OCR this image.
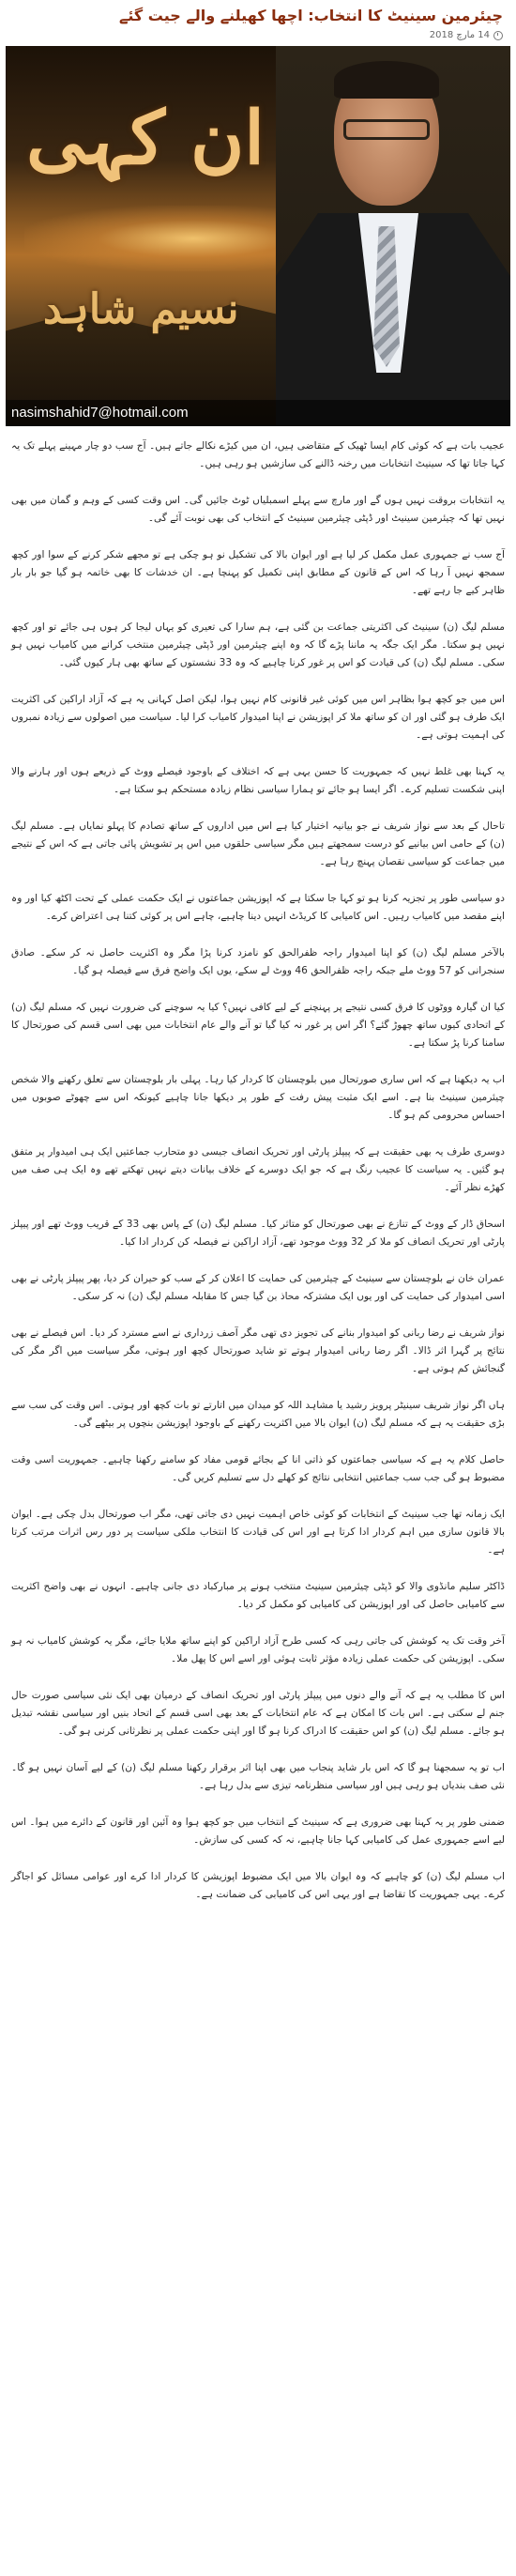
چیئرمین سینیٹ کا انتخاب: اچھا کھیلنے والے جیت گئے
14 مارچ 2018
ان کہی
نسیم شاہد
nasimshahid7@hotmail.com

عجیب بات ہے کہ کوئی کام ایسا ٹھیک کے متقاضی ہیں، ان میں کیڑے نکالے جاتے ہیں۔ آج سب دو چار مہینے پہلے تک یہ کہا جاتا تھا کہ سینیٹ انتخابات میں رخنہ ڈالنے کی سازشیں ہو رہی ہیں۔

یہ انتخابات بروقت نہیں ہوں گے اور مارچ سے پہلے اسمبلیاں ٹوٹ جائیں گی۔ اس وقت کسی کے وہم و گمان میں بھی نہیں تھا کہ چیئرمین سینیٹ اور ڈپٹی چیئرمین سینیٹ کے انتخاب کی بھی نوبت آئے گی۔

آج سب نے جمہوری عمل مکمل کر لیا ہے اور ایوان بالا کی تشکیل نو ہو چکی ہے تو مجھے شکر کرنے کے سوا اور کچھ سمجھ نہیں آ رہا کہ اس کے قانون کے مطابق اپنی تکمیل کو پہنچا ہے۔ ان خدشات کا بھی خاتمہ ہو گیا جو بار بار ظاہر کیے جا رہے تھے۔

مسلم لیگ (ن) سینیٹ کی اکثریتی جماعت بن گئی ہے، ہم سارا کی تعیری کو یہاں لیجا کر ہوں ہی جائے تو اور کچھ نہیں ہو سکتا۔ مگر ایک جگہ یہ ماننا پڑے گا کہ وہ اپنے چیئرمین اور ڈپٹی چیئرمین منتخب کرانے میں کامیاب نہیں ہو سکی۔ مسلم لیگ (ن) کی قیادت کو اس پر غور کرنا چاہیے کہ وہ 33 نشستوں کے ساتھ بھی ہار کیوں گئی۔

اس میں جو کچھ ہوا بظاہر اس میں کوئی غیر قانونی کام نہیں ہوا، لیکن اصل کہانی یہ ہے کہ آزاد اراکین کی اکثریت ایک طرف ہو گئی اور ان کو ساتھ ملا کر اپوزیشن نے اپنا امیدوار کامیاب کرا لیا۔ سیاست میں اصولوں سے زیادہ نمبروں کی اہمیت ہوتی ہے۔

یہ کہنا بھی غلط نہیں کہ جمہوریت کا حسن یہی ہے کہ اختلاف کے باوجود فیصلے ووٹ کے ذریعے ہوں اور ہارنے والا اپنی شکست تسلیم کرے۔ اگر ایسا ہو جائے تو ہمارا سیاسی نظام زیادہ مستحکم ہو سکتا ہے۔

تاحال کے بعد سے نواز شریف نے جو بیانیہ اختیار کیا ہے اس میں اداروں کے ساتھ تصادم کا پہلو نمایاں ہے۔ مسلم لیگ (ن) کے حامی اس بیانیے کو درست سمجھتے ہیں مگر سیاسی حلقوں میں اس پر تشویش پائی جاتی ہے کہ اس کے نتیجے میں جماعت کو سیاسی نقصان پہنچ رہا ہے۔

دو سیاسی طور پر تجزیہ کرنا ہو تو کہا جا سکتا ہے کہ اپوزیشن جماعتوں نے ایک حکمت عملی کے تحت اکٹھ کیا اور وہ اپنے مقصد میں کامیاب رہیں۔ اس کامیابی کا کریڈٹ انہیں دینا چاہیے، چاہے اس پر کوئی کتنا ہی اعتراض کرے۔

بالآخر مسلم لیگ (ن) کو اپنا امیدوار راجہ ظفرالحق کو نامزد کرنا پڑا مگر وہ اکثریت حاصل نہ کر سکے۔ صادق سنجرانی کو 57 ووٹ ملے جبکہ راجہ ظفرالحق 46 ووٹ لے سکے، یوں ایک واضح فرق سے فیصلہ ہو گیا۔

کیا ان گیارہ ووٹوں کا فرق کسی نتیجے پر پہنچنے کے لیے کافی نہیں؟ کیا یہ سوچنے کی ضرورت نہیں کہ مسلم لیگ (ن) کے اتحادی کیوں ساتھ چھوڑ گئے؟ اگر اس پر غور نہ کیا گیا تو آنے والے عام انتخابات میں بھی اسی قسم کی صورتحال کا سامنا کرنا پڑ سکتا ہے۔

اب یہ دیکھنا ہے کہ اس ساری صورتحال میں بلوچستان کا کردار کیا رہا۔ پہلی بار بلوچستان سے تعلق رکھنے والا شخص چیئرمین سینیٹ بنا ہے۔ اسے ایک مثبت پیش رفت کے طور پر دیکھا جانا چاہیے کیونکہ اس سے چھوٹے صوبوں میں احساس محرومی کم ہو گا۔

دوسری طرف یہ بھی حقیقت ہے کہ پیپلز پارٹی اور تحریک انصاف جیسی دو متحارب جماعتیں ایک ہی امیدوار پر متفق ہو گئیں۔ یہ سیاست کا عجیب رنگ ہے کہ جو ایک دوسرے کے خلاف بیانات دیتے نہیں تھکتے تھے وہ ایک ہی صف میں کھڑے نظر آئے۔

اسحاق ڈار کے ووٹ کے تنازع نے بھی صورتحال کو متاثر کیا۔ مسلم لیگ (ن) کے پاس بھی 33 کے قریب ووٹ تھے اور پیپلز پارٹی اور تحریک انصاف کو ملا کر 32 ووٹ موجود تھے، آزاد اراکین نے فیصلہ کن کردار ادا کیا۔

عمران خان نے بلوچستان سے سینیٹ کے چیئرمین کی حمایت کا اعلان کر کے سب کو حیران کر دیا، پھر پیپلز پارٹی نے بھی اسی امیدوار کی حمایت کی اور یوں ایک مشترکہ محاذ بن گیا جس کا مقابلہ مسلم لیگ (ن) نہ کر سکی۔

نواز شریف نے رضا ربانی کو امیدوار بنانے کی تجویز دی تھی مگر آصف زرداری نے اسے مسترد کر دیا۔ اس فیصلے نے بھی نتائج پر گہرا اثر ڈالا۔ اگر رضا ربانی امیدوار ہوتے تو شاید صورتحال کچھ اور ہوتی، مگر سیاست میں اگر مگر کی گنجائش کم ہوتی ہے۔

ہاں اگر نواز شریف سینیٹر پرویز رشید یا مشاہد اللہ کو میدان میں اتارتے تو بات کچھ اور ہوتی۔ اس وقت کی سب سے بڑی حقیقت یہ ہے کہ مسلم لیگ (ن) ایوان بالا میں اکثریت رکھنے کے باوجود اپوزیشن بنچوں پر بیٹھے گی۔

حاصل کلام یہ ہے کہ سیاسی جماعتوں کو ذاتی انا کے بجائے قومی مفاد کو سامنے رکھنا چاہیے۔ جمہوریت اسی وقت مضبوط ہو گی جب سب جماعتیں انتخابی نتائج کو کھلے دل سے تسلیم کریں گی۔

ایک زمانہ تھا جب سینیٹ کے انتخابات کو کوئی خاص اہمیت نہیں دی جاتی تھی، مگر اب صورتحال بدل چکی ہے۔ ایوان بالا قانون سازی میں اہم کردار ادا کرتا ہے اور اس کی قیادت کا انتخاب ملکی سیاست پر دور رس اثرات مرتب کرتا ہے۔

ڈاکٹر سلیم مانڈوی والا کو ڈپٹی چیئرمین سینیٹ منتخب ہونے پر مبارکباد دی جانی چاہیے۔ انہوں نے بھی واضح اکثریت سے کامیابی حاصل کی اور اپوزیشن کی کامیابی کو مکمل کر دیا۔

آخر وقت تک یہ کوشش کی جاتی رہی کہ کسی طرح آزاد اراکین کو اپنے ساتھ ملایا جائے، مگر یہ کوشش کامیاب نہ ہو سکی۔ اپوزیشن کی حکمت عملی زیادہ مؤثر ثابت ہوئی اور اسے اس کا پھل ملا۔

اس کا مطلب یہ ہے کہ آنے والے دنوں میں پیپلز پارٹی اور تحریک انصاف کے درمیان بھی ایک نئی سیاسی صورت حال جنم لے سکتی ہے۔ اس بات کا امکان ہے کہ عام انتخابات کے بعد بھی اسی قسم کے اتحاد بنیں اور سیاسی نقشہ تبدیل ہو جائے۔ مسلم لیگ (ن) کو اس حقیقت کا ادراک کرنا ہو گا اور اپنی حکمت عملی پر نظرثانی کرنی ہو گی۔

اب تو یہ سمجھنا ہو گا کہ اس بار شاید پنجاب میں بھی اپنا اثر برقرار رکھنا مسلم لیگ (ن) کے لیے آسان نہیں ہو گا۔ نئی صف بندیاں ہو رہی ہیں اور سیاسی منظرنامہ تیزی سے بدل رہا ہے۔

ضمنی طور پر یہ کہنا بھی ضروری ہے کہ سینیٹ کے انتخاب میں جو کچھ ہوا وہ آئین اور قانون کے دائرے میں ہوا۔ اس لیے اسے جمہوری عمل کی کامیابی کہا جانا چاہیے، نہ کہ کسی کی سازش۔

اب مسلم لیگ (ن) کو چاہیے کہ وہ ایوان بالا میں ایک مضبوط اپوزیشن کا کردار ادا کرے اور عوامی مسائل کو اجاگر کرے۔ یہی جمہوریت کا تقاضا ہے اور یہی اس کی کامیابی کی ضمانت ہے۔
